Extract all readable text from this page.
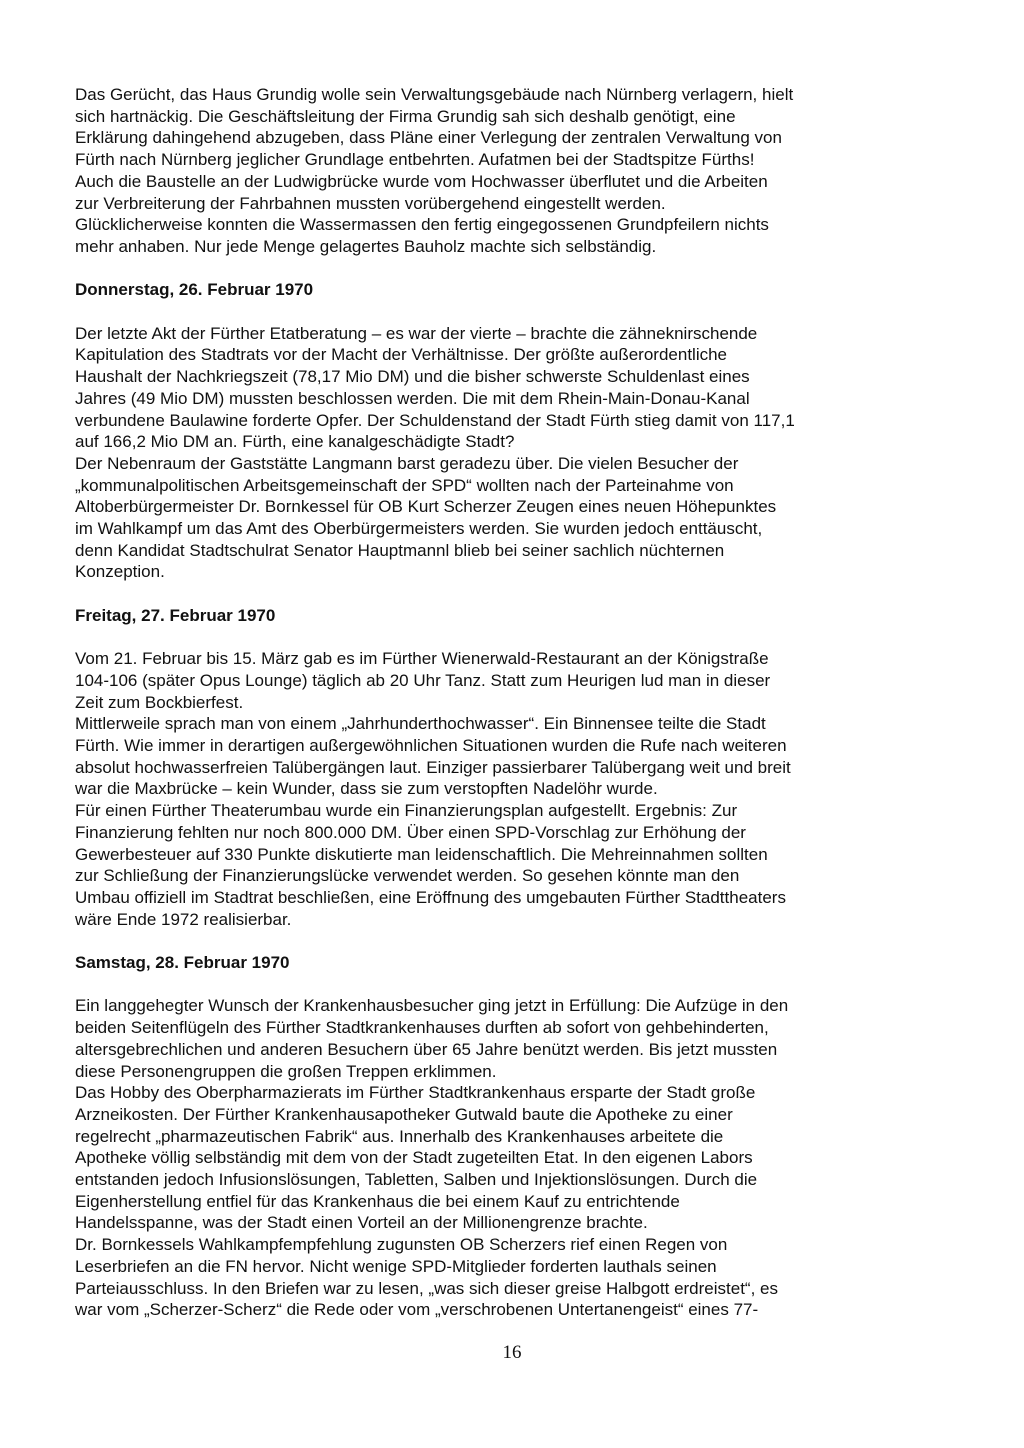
Das Gerücht, das Haus Grundig wolle sein Verwaltungsgebäude nach Nürnberg verlagern, hielt
sich hartnäckig. Die Geschäftsleitung der Firma Grundig sah sich deshalb genötigt, eine
Erklärung dahingehend abzugeben, dass Pläne einer Verlegung der zentralen Verwaltung von
Fürth nach Nürnberg jeglicher Grundlage entbehrten. Aufatmen bei der Stadtspitze Fürths!
Auch die Baustelle an der Ludwigbrücke wurde vom Hochwasser überflutet und die Arbeiten
zur Verbreiterung der Fahrbahnen mussten vorübergehend eingestellt werden.
Glücklicherweise konnten die Wassermassen den fertig eingegossenen Grundpfeilern nichts
mehr anhaben. Nur jede Menge gelagertes Bauholz machte sich selbständig.
Donnerstag, 26. Februar 1970
Der letzte Akt der Fürther Etatberatung – es war der vierte – brachte die zähneknirschende
Kapitulation des Stadtrats vor der Macht der Verhältnisse. Der größte außerordentliche
Haushalt der Nachkriegszeit (78,17 Mio DM) und die bisher schwerste Schuldenlast eines
Jahres (49 Mio DM) mussten beschlossen werden. Die mit dem Rhein-Main-Donau-Kanal
verbundene Baulawine forderte Opfer. Der Schuldenstand der Stadt Fürth stieg damit von 117,1
auf 166,2 Mio DM an. Fürth, eine kanalgeschädigte Stadt?
Der Nebenraum der Gaststätte Langmann barst geradezu über. Die vielen Besucher der
„kommunalpolitischen Arbeitsgemeinschaft der SPD“ wollten nach der Parteinahme von
Altoberbürgermeister Dr. Bornkessel für OB Kurt Scherzer Zeugen eines neuen Höhepunktes
im Wahlkampf um das Amt des Oberbürgermeisters werden. Sie wurden jedoch enttäuscht,
denn Kandidat Stadtschulrat Senator Hauptmannl blieb bei seiner sachlich nüchternen
Konzeption.
Freitag, 27. Februar 1970
Vom 21. Februar bis 15. März gab es im Fürther Wienerwald-Restaurant an der Königstraße
104-106 (später Opus Lounge) täglich ab 20 Uhr Tanz. Statt zum Heurigen lud man in dieser
Zeit zum Bockbierfest.
Mittlerweile sprach man von einem „Jahrhunderthochwasser“. Ein Binnensee teilte die Stadt
Fürth. Wie immer in derartigen außergewöhnlichen Situationen wurden die Rufe nach weiteren
absolut hochwasserfreien Talübergängen laut. Einziger passierbarer Talübergang weit und breit
war die Maxbrücke – kein Wunder, dass sie zum verstopften Nadelöhr wurde.
Für einen Fürther Theaterumbau wurde ein Finanzierungsplan aufgestellt. Ergebnis: Zur
Finanzierung fehlten nur noch 800.000 DM. Über einen SPD-Vorschlag zur Erhöhung der
Gewerbesteuer auf 330 Punkte diskutierte man leidenschaftlich. Die Mehreinnahmen sollten
zur Schließung der Finanzierungslücke verwendet werden. So gesehen könnte man den
Umbau offiziell im Stadtrat beschließen, eine Eröffnung des umgebauten Fürther Stadttheaters
wäre Ende 1972 realisierbar.
Samstag, 28. Februar 1970
Ein langgehegter Wunsch der Krankenhausbesucher ging jetzt in Erfüllung: Die Aufzüge in den
beiden Seitenflügeln des Fürther Stadtkrankenhauses durften ab sofort von gehbehinderten,
altersgebrechlichen und anderen Besuchern über 65 Jahre benützt werden. Bis jetzt mussten
diese Personengruppen die großen Treppen erklimmen.
Das Hobby des Oberpharmazierats im Fürther Stadtkrankenhaus ersparte der Stadt große
Arzneikosten. Der Fürther Krankenhausapotheker Gutwald baute die Apotheke zu einer
regelrecht „pharmazeutischen Fabrik“ aus. Innerhalb des Krankenhauses arbeitete die
Apotheke völlig selbständig mit dem von der Stadt zugeteilten Etat. In den eigenen Labors
entstanden jedoch Infusionslösungen, Tabletten, Salben und Injektionslösungen. Durch die
Eigenherstellung entfiel für das Krankenhaus die bei einem Kauf zu entrichtende
Handelsspanne, was der Stadt einen Vorteil an der Millionengrenze brachte.
Dr. Bornkessels Wahlkampfempfehlung zugunsten OB Scherzers rief einen Regen von
Leserbriefen an die FN hervor. Nicht wenige SPD-Mitglieder forderten lauthals seinen
Parteiausschluss. In den Briefen war zu lesen, „was sich dieser greise Halbgott erdreistet“, es
war vom „Scherzer-Scherz“ die Rede oder vom „verschrobenen Untertanengeist“ eines 77-
16
